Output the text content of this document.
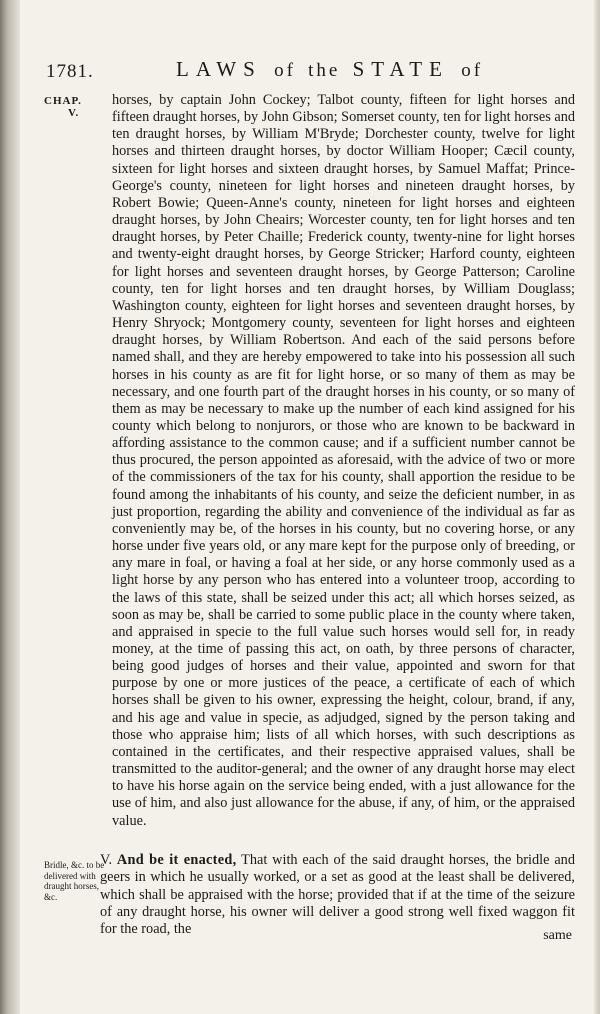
1781.	LAWS of the STATE of
CHAP.
V.

horses, by captain John Cockey; Talbot county, fifteen for light horses and fifteen draught horses, by John Gibson; Somerset county, ten for light horses and ten draught horses, by William M'Bryde; Dorchester county, twelve for light horses and thirteen draught horses, by doctor William Hooper; Cæcil county, sixteen for light horses and sixteen draught horses, by Samuel Maffat; Prince-George's county, nineteen for light horses and nineteen draught horses, by Robert Bowie; Queen-Anne's county, nineteen for light horses and eighteen draught horses, by John Cheairs; Worcester county, ten for light horses and ten draught horses, by Peter Chaille; Frederick county, twenty-nine for light horses and twenty-eight draught horses, by George Stricker; Harford county, eighteen for light horses and seventeen draught horses, by George Patterson; Caroline county, ten for light horses and ten draught horses, by William Douglass; Washington county, eighteen for light horses and seventeen draught horses, by Henry Shryock; Montgomery county, seventeen for light horses and eighteen draught horses, by William Robertson. And each of the said persons before named shall, and they are hereby empowered to take into his possession all such horses in his county as are fit for light horse, or so many of them as may be necessary, and one fourth part of the draught horses in his county, or so many of them as may be necessary to make up the number of each kind assigned for his county which belong to nonjurors, or those who are known to be backward in affording assistance to the common cause; and if a sufficient number cannot be thus procured, the person appointed as aforesaid, with the advice of two or more of the commissioners of the tax for his county, shall apportion the residue to be found among the inhabitants of his county, and seize the deficient number, in as just proportion, regarding the ability and convenience of the individual as far as conveniently may be, of the horses in his county, but no covering horse, or any horse under five years old, or any mare kept for the purpose only of breeding, or any mare in foal, or having a foal at her side, or any horse commonly used as a light horse by any person who has entered into a volunteer troop, according to the laws of this state, shall be seized under this act; all which horses seized, as soon as may be, shall be carried to some public place in the county where taken, and appraised in specie to the full value such horses would sell for, in ready money, at the time of passing this act, on oath, by three persons of character, being good judges of horses and their value, appointed and sworn for that purpose by one or more justices of the peace, a certificate of each of which horses shall be given to his owner, expressing the height, colour, brand, if any, and his age and value in specie, as adjudged, signed by the person taking and those who appraise him; lists of all which horses, with such descriptions as contained in the certificates, and their respective appraised values, shall be transmitted to the auditor-general; and the owner of any draught horse may elect to have his horse again on the service being ended, with a just allowance for the use of him, and also just allowance for the abuse, if any, of him, or the appraised value.

Bridle, &c. to be delivered with draught horses, &c.

V. And be it enacted, That with each of the said draught horses, the bridle and geers in which he usually worked, or a set as good at the least shall be delivered, which shall be appraised with the horse; provided that if at the time of the seizure of any draught horse, his owner will deliver a good strong well fixed waggon fit for the road, the	same
